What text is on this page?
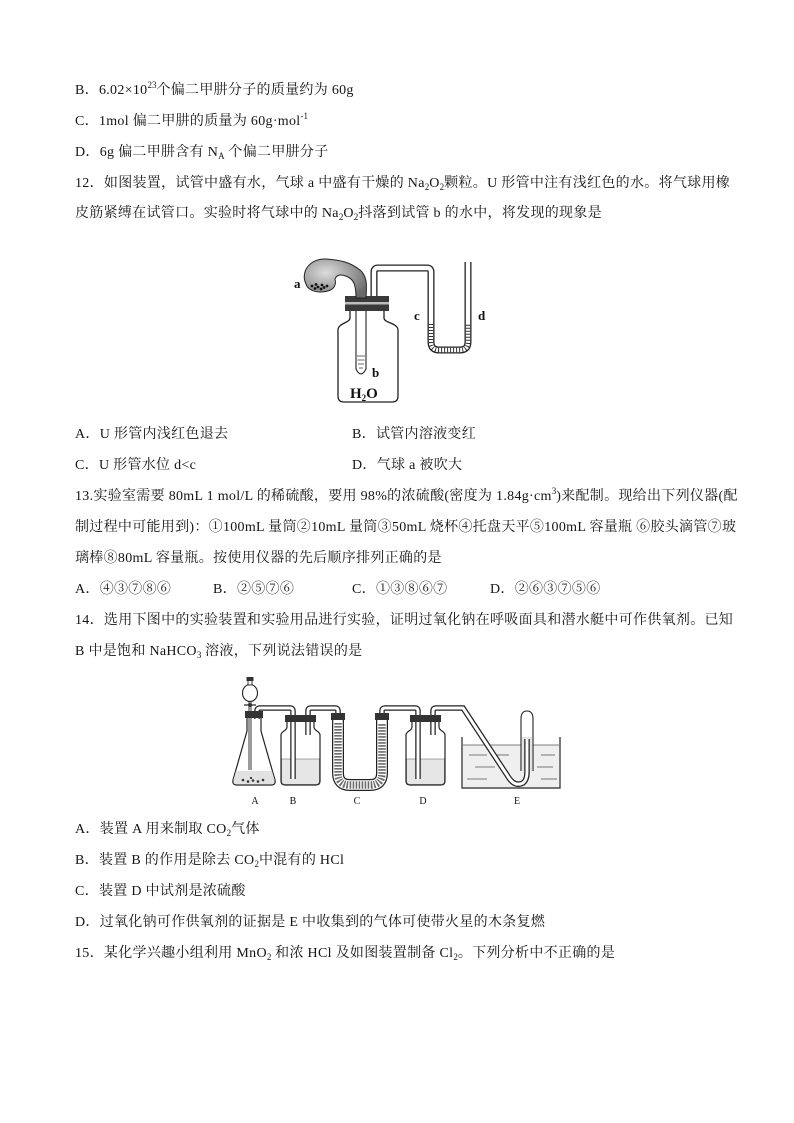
B．$6.02\times 10^{23}$个偏二甲肼分子的质量约为 60g
C．1mol 偏二甲肼的质量为 60g·mol$^{-1}$
D．6g 偏二甲肼含有 $N_A$ 个偏二甲肼分子
12．如图装置，试管中盛有水，气球 a 中盛有干燥的 $Na_2O_2$颗粒。U 形管中注有浅红色的水。将气球用橡
皮筋紧缚在试管口。实验时将气球中的 $Na_2O_2$抖落到试管 b 的水中，将发现的现象是
a
b
c	d
$H_2O$
A．U 形管内浅红色退去	B．试管内溶液变红
C．U 形管水位 d<c	D．气球 a 被吹大
13.实验室需要 80mL 1 mol/L 的稀硫酸，要用 98%的浓硫酸(密度为 $1.84g\cdot cm^3$)来配制。现给出下列仪器(配
制过程中可能用到)：①100mL 量筒②10mL 量筒③50mL 烧杯④托盘天平⑤100mL 容量瓶 ⑥胶头滴管⑦玻
璃棒⑧80mL 容量瓶。按使用仪器的先后顺序排列正确的是
A．④③⑦⑧⑥	B．②⑤⑦⑥	C．①③⑧⑥⑦	D．②⑥③⑦⑤⑥
14．选用下图中的实验装置和实验用品进行实验，证明过氧化钠在呼吸面具和潜水艇中可作供氧剂。已知
B 中是饱和 NaHCO$_3$ 溶液，下列说法错误的是
A	B	C	D	E
A．装置 A 用来制取 $CO_2$气体
B．装置 B 的作用是除去 $CO_2$中混有的 HCl
C．装置 D 中试剂是浓硫酸
D．过氧化钠可作供氧剂的证据是 E 中收集到的气体可使带火星的木条复燃
15．某化学兴趣小组利用 MnO$_2$ 和浓 HCl 及如图装置制备 $Cl_2$。下列分析中不正确的是
